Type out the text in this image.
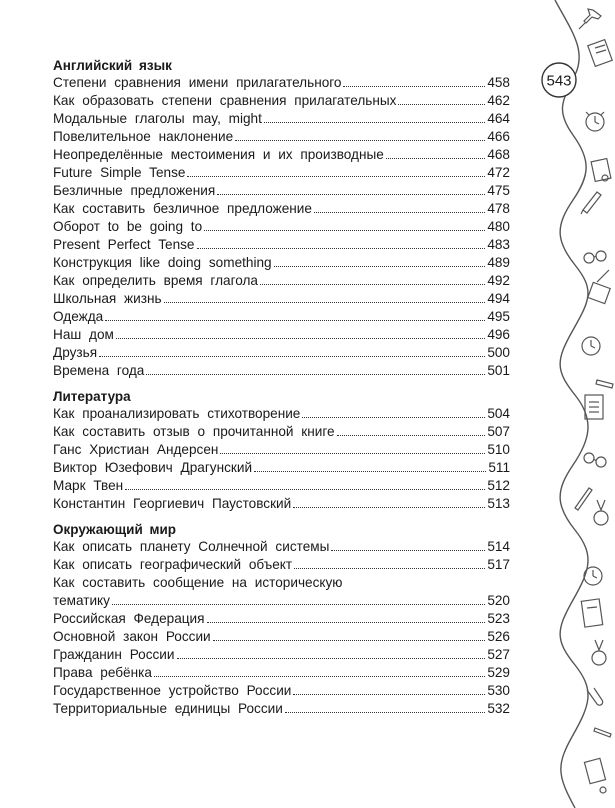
Английский язык
Степени сравнения имени прилагательного	458
Как образовать степени сравнения прилагательных	462
Модальные глаголы may, might	464
Повелительное наклонение	466
Неопределённые местоимения и их производные	468
Future Simple Tense	472
Безличные предложения	475
Как составить безличное предложение	478
Оборот to be going to	480
Present Perfect Tense	483
Конструкция like doing something	489
Как определить время глагола	492
Школьная жизнь	494
Одежда	495
Наш дом	496
Друзья	500
Времена года	501
Литература
Как проанализировать стихотворение	504
Как составить отзыв о прочитанной книге	507
Ганс Христиан Андерсен	510
Виктор Юзефович Драгунский	511
Марк Твен	512
Константин Георгиевич Паустовский	513
Окружающий мир
Как описать планету Солнечной системы	514
Как описать географический объект	517
Как составить сообщение на историческую
тематику	520
Российская Федерация	523
Основной закон России	526
Гражданин России	527
Права ребёнка	529
Государственное устройство России	530
Территориальные единицы России	532
543
